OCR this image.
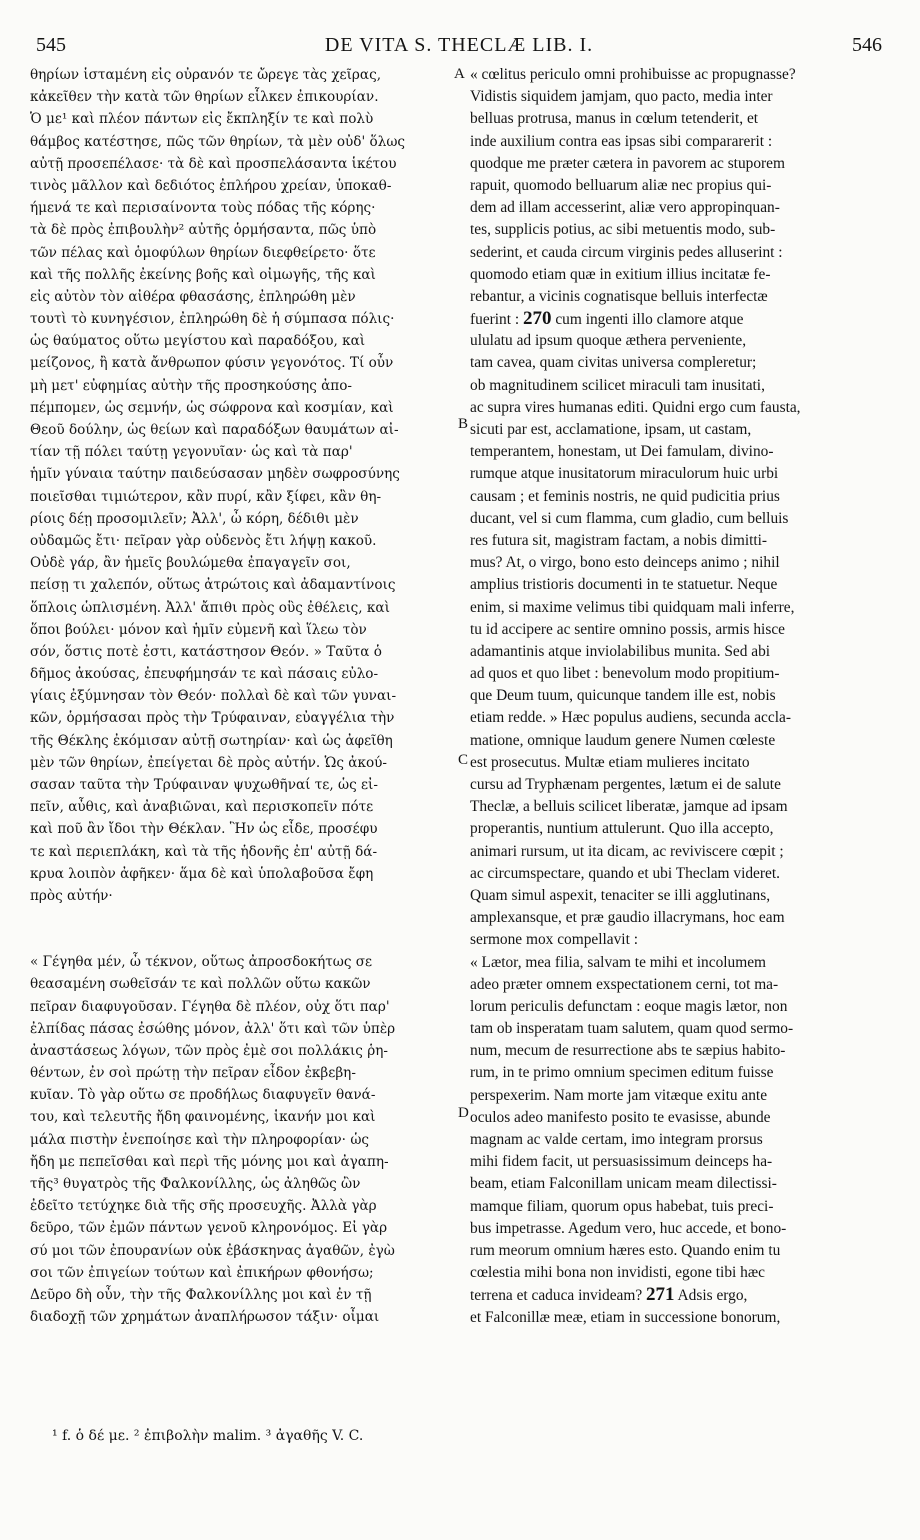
545	DE VITA S. THECLÆ LIB. I.	546
θηρίων ἱσταμένη εἰς οὐρανόν τε ὤρεγε τὰς χεῖρας,
κἀκεῖθεν τὴν κατὰ τῶν θηρίων εἷλκεν ἐπικουρίαν.
Ὁ με¹ καὶ πλέον πάντων εἰς ἔκπληξίν τε καὶ πολὺ
θάμβος κατέστησε, πῶς τῶν θηρίων, τὰ μὲν οὐδ' ὅλως
αὐτῇ προσεπέλασε· τὰ δὲ καὶ προσπελάσαντα ἱκέτου
τινὸς μᾶλλον καὶ δεδιότος ἐπλήρου χρείαν, ὑποκαθ-
ήμενά τε καὶ περισαίνοντα τοὺς πόδας τῆς κόρης·
τὰ δὲ πρὸς ἐπιβουλὴν² αὐτῆς ὁρμήσαντα, πῶς ὑπὸ
τῶν πέλας καὶ ὁμοφύλων θηρίων διεφθείρετο· ὅτε
καὶ τῆς πολλῆς ἐκείνης βοῆς καὶ οἰμωγῆς, τῆς καὶ
εἰς αὐτὸν τὸν αἰθέρα φθασάσης, ἐπληρώθη μὲν
τουτὶ τὸ κυνηγέσιον, ἐπληρώθη δὲ ἡ σύμπασα πόλις·
ὡς θαύματος οὕτω μεγίστου καὶ παραδόξου, καὶ
μείζονος, ἢ κατὰ ἄνθρωπον φύσιν γεγονότος. Τί οὖν
μὴ μετ' εὐφημίας αὐτὴν τῆς προσηκούσης ἀπο-
πέμπομεν, ὡς σεμνήν, ὡς σώφρονα καὶ κοσμίαν, καὶ
Θεοῦ δούλην, ὡς θείων καὶ παραδόξων θαυμάτων αἰ-
τίαν τῇ πόλει ταύτῃ γεγονυῖαν· ὡς καὶ τὰ παρ'
ἡμῖν γύναια ταύτην παιδεύσασαν μηδὲν σωφροσύνης
ποιεῖσθαι τιμιώτερον, κἂν πυρί, κἂν ξίφει, κἂν θη-
ρίοις δέῃ προσομιλεῖν; Ἀλλ', ὦ κόρη, δέδιθι μὲν
οὐδαμῶς ἔτι· πεῖραν γὰρ οὐδενὸς ἔτι λήψῃ κακοῦ.
Οὐδὲ γάρ, ἂν ἡμεῖς βουλώμεθα ἐπαγαγεῖν σοι,
πείσῃ τι χαλεπόν, οὕτως ἀτρώτοις καὶ ἀδαμαντίνοις
ὅπλοις ὡπλισμένη. Ἀλλ' ἄπιθι πρὸς οὓς ἐθέλεις, καὶ
ὅποι βούλει· μόνον καὶ ἡμῖν εὐμενῆ καὶ ἵλεω τὸν
σόν, ὅστις ποτὲ ἐστι, κατάστησον Θεόν. » Ταῦτα ὁ
δῆμος ἀκούσας, ἐπευφήμησάν τε καὶ πάσαις εὐλο-
γίαις ἐξύμνησαν τὸν Θεόν· πολλαὶ δὲ καὶ τῶν γυναι-
κῶν, ὁρμήσασαι πρὸς τὴν Τρύφαιναν, εὐαγγέλια τὴν
τῆς Θέκλης ἐκόμισαν αὐτῇ σωτηρίαν· καὶ ὡς ἀφεῖθη
μὲν τῶν θηρίων, ἐπείγεται δὲ πρὸς αὐτήν. Ὡς ἀκού-
σασαν ταῦτα τὴν Τρύφαιναν ψυχωθῆναί τε, ὡς εἰ-
πεῖν, αὖθις, καὶ ἀναβιῶναι, καὶ περισκοπεῖν πότε
καὶ ποῦ ἂν ἴδοι τὴν Θέκλαν. Ἣν ὡς εἶδε, προσέφυ
τε καὶ περιεπλάκη, καὶ τὰ τῆς ἡδονῆς ἐπ' αὐτῇ δά-
κρυα λοιπὸν ἀφῆκεν· ἅμα δὲ καὶ ὑπολαβοῦσα ἔφη
πρὸς αὐτήν·
« Γέγηθα μέν, ὦ τέκνον, οὕτως ἀπροσδοκήτως σε
θεασαμένη σωθεῖσάν τε καὶ πολλῶν οὕτω κακῶν
πεῖραν διαφυγοῦσαν. Γέγηθα δὲ πλέον, οὐχ ὅτι παρ'
ἐλπίδας πάσας ἐσώθης μόνον, ἀλλ' ὅτι καὶ τῶν ὑπὲρ
ἀναστάσεως λόγων, τῶν πρὸς ἐμὲ σοι πολλάκις ῥη-
θέντων, ἐν σοὶ πρώτῃ τὴν πεῖραν εἶδον ἐκβεβη-
κυῖαν. Τὸ γὰρ οὕτω σε προδήλως διαφυγεῖν θανά-
του, καὶ τελευτῆς ἤδη φαινομένης, ἱκανήν μοι καὶ
μάλα πιστὴν ἐνεποίησε καὶ τὴν πληροφορίαν· ὡς
ἤδη με πεπεῖσθαι καὶ περὶ τῆς μόνης μοι καὶ ἀγαπη-
τῆς³ θυγατρὸς τῆς Φαλκονίλλης, ὡς ἀληθῶς ὢν
ἐδεῖτο τετύχηκε διὰ τῆς σῆς προσευχῆς. Ἀλλὰ γὰρ
δεῦρο, τῶν ἐμῶν πάντων γενοῦ κληρονόμος. Εἰ γὰρ
σύ μοι τῶν ἐπουρανίων οὐκ ἐβάσκηνας ἀγαθῶν, ἐγὼ
σοι τῶν ἐπιγείων τούτων καὶ ἐπικήρων φθονήσω;
Δεῦρο δὴ οὖν, τὴν τῆς Φαλκονίλλης μοι καὶ ἐν τῇ
διαδοχῇ τῶν χρημάτων ἀναπλήρωσον τάξιν· οἶμαι
« cœlitus periculo omni prohibuisse ac propugnasse?
Vidistis siquidem jamjam, quo pacto, media inter
belluas protrusa, manus in cœlum tetenderit, et
inde auxilium contra eas ipsas sibi compararerit :
quodque me præter cætera in pavorem ac stuporem
rapuit, quomodo belluarum aliæ nec propius qui-
dem ad illam accesserint, aliæ vero appropinquan-
tes, supplicis potius, ac sibi metuentis modo, sub-
sederint, et cauda circum virginis pedes alluserint :
quomodo etiam quæ in exitium illius incitatæ fe-
rebantur, a vicinis cognatisque belluis interfectæ
fuerint : 270 cum ingenti illo clamore atque
ululatu ad ipsum quoque æthera perveniente,
tam cavea, quam civitas universa compleretur;
ob magnitudinem scilicet miraculi tam inusitati,
ac supra vires humanas editi. Quidni ergo cum fausta,
sicuti par est, acclamatione, ipsam, ut castam,
temperantem, honestam, ut Dei famulam, divino-
rumque atque inusitatorum miraculorum huic urbi
causam ; et feminis nostris, ne quid pudicitia prius
ducant, vel si cum flamma, cum gladio, cum belluis
res futura sit, magistram factam, a nobis dimitti-
mus? At, o virgo, bono esto deinceps animo ; nihil
amplius tristioris documenti in te statuetur. Neque
enim, si maxime velimus tibi quidquam mali inferre,
tu id accipere ac sentire omnino possis, armis hisce
adamantinis atque inviolabilibus munita. Sed abi
ad quos et quo libet : benevolum modo propitium-
que Deum tuum, quicunque tandem ille est, nobis
etiam redde. » Hæc populus audiens, secunda accla-
matione, omnique laudum genere Numen cœleste
est prosecutus. Multæ etiam mulieres incitato
cursu ad Tryphænam pergentes, lætum ei de salute
Theclæ, a belluis scilicet liberatæ, jamque ad ipsam
properantis, nuntium attulerunt. Quo illa accepto,
animari rursum, ut ita dicam, ac reviviscere cœpit ;
ac circumspectare, quando et ubi Theclam videret.
Quam simul aspexit, tenaciter se illi agglutinans,
amplexansque, et præ gaudio illacrymans, hoc eam
sermone mox compellavit :
« Lætor, mea filia, salvam te mihi et incolumem
adeo præter omnem exspectationem cerni, tot ma-
lorum periculis defunctam : eoque magis lætor, non
tam ob insperatam tuam salutem, quam quod sermo-
num, mecum de resurrectione abs te sæpius habito-
rum, in te primo omnium specimen editum fuisse
perspexerim. Nam morte jam vitæque exitu ante
oculos adeo manifesto posito te evasisse, abunde
magnam ac valde certam, imo integram prorsus
mihi fidem facit, ut persuasissimum deinceps ha-
beam, etiam Falconillam unicam meam dilectissi-
mamque filiam, quorum opus habebat, tuis preci-
bus impetrasse. Agedum vero, huc accede, et bono-
rum meorum omnium hæres esto. Quando enim tu
cœlestia mihi bona non invidisti, egone tibi hæc
terrena et caduca invideam? 271 Adsis ergo,
et Falconillæ meæ, etiam in successione bonorum,
A
B
C
D
¹ f. ὁ δέ με. ² ἐπιβολὴν malim. ³ ἀγαθῆς V. C.
